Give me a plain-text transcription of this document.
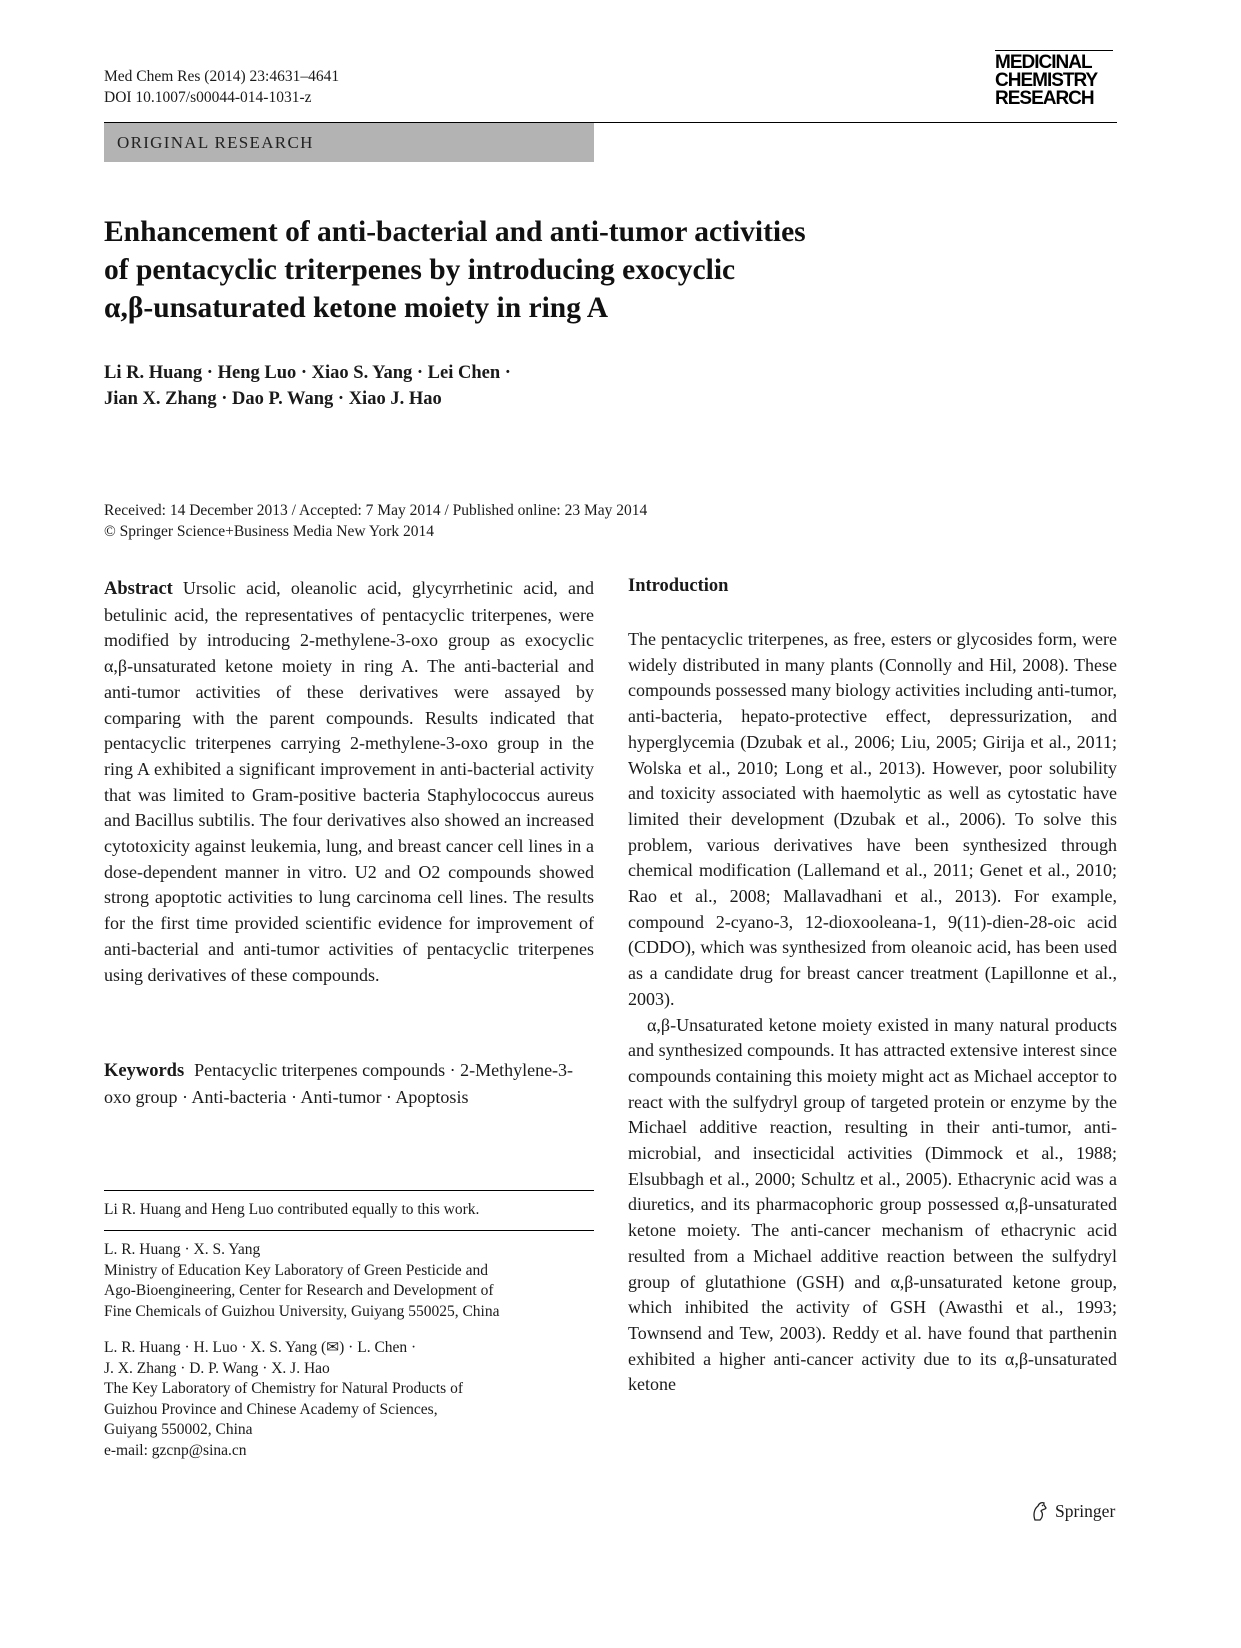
Med Chem Res (2014) 23:4631–4641
DOI 10.1007/s00044-014-1031-z
MEDICINAL
CHEMISTRY
RESEARCH
ORIGINAL RESEARCH
Enhancement of anti-bacterial and anti-tumor activities
of pentacyclic triterpenes by introducing exocyclic
α,β-unsaturated ketone moiety in ring A
Li R. Huang · Heng Luo · Xiao S. Yang · Lei Chen ·
Jian X. Zhang · Dao P. Wang · Xiao J. Hao
Received: 14 December 2013 / Accepted: 7 May 2014 / Published online: 23 May 2014
© Springer Science+Business Media New York 2014

Abstract Ursolic acid, oleanolic acid, glycyrrhetinic acid, and betulinic acid, the representatives of pentacyclic triterpenes, were modified by introducing 2-methylene-3-oxo group as exocyclic α,β-unsaturated ketone moiety in ring A. The anti-bacterial and anti-tumor activities of these derivatives were assayed by comparing with the parent compounds. Results indicated that pentacyclic triterpenes carrying 2-methylene-3-oxo group in the ring A exhibited a significant improvement in anti-bacterial activity that was limited to Gram-positive bacteria Staphylococcus aureus and Bacillus subtilis. The four derivatives also showed an increased cytotoxicity against leukemia, lung, and breast cancer cell lines in a dose-dependent manner in vitro. U2 and O2 compounds showed strong apoptotic activities to lung carcinoma cell lines. The results for the first time provided scientific evidence for improvement of anti-bacterial and anti-tumor activities of pentacyclic triterpenes using derivatives of these compounds.

Keywords Pentacyclic triterpenes compounds · 2-Methylene-3-oxo group · Anti-bacteria · Anti-tumor · Apoptosis

Li R. Huang and Heng Luo contributed equally to this work.
L. R. Huang · X. S. Yang
Ministry of Education Key Laboratory of Green Pesticide and
Ago-Bioengineering, Center for Research and Development of
Fine Chemicals of Guizhou University, Guiyang 550025, China
L. R. Huang · H. Luo · X. S. Yang (✉) · L. Chen ·
J. X. Zhang · D. P. Wang · X. J. Hao
The Key Laboratory of Chemistry for Natural Products of
Guizhou Province and Chinese Academy of Sciences,
Guiyang 550002, China
e-mail: gzcnp@sina.cn
Introduction

The pentacyclic triterpenes, as free, esters or glycosides form, were widely distributed in many plants (Connolly and Hil, 2008). These compounds possessed many biology activities including anti-tumor, anti-bacteria, hepato-protective effect, depressurization, and hyperglycemia (Dzubak et al., 2006; Liu, 2005; Girija et al., 2011; Wolska et al., 2010; Long et al., 2013). However, poor solubility and toxicity associated with haemolytic as well as cytostatic have limited their development (Dzubak et al., 2006). To solve this problem, various derivatives have been synthesized through chemical modification (Lallemand et al., 2011; Genet et al., 2010; Rao et al., 2008; Mallavadhani et al., 2013). For example, compound 2-cyano-3, 12-dioxooleana-1, 9(11)-dien-28-oic acid (CDDO), which was synthesized from oleanoic acid, has been used as a candidate drug for breast cancer treatment (Lapillonne et al., 2003).

α,β-Unsaturated ketone moiety existed in many natural products and synthesized compounds. It has attracted extensive interest since compounds containing this moiety might act as Michael acceptor to react with the sulfydryl group of targeted protein or enzyme by the Michael additive reaction, resulting in their anti-tumor, anti-microbial, and insecticidal activities (Dimmock et al., 1988; Elsubbagh et al., 2000; Schultz et al., 2005). Ethacrynic acid was a diuretics, and its pharmacophoric group possessed α,β-unsaturated ketone moiety. The anti-cancer mechanism of ethacrynic acid resulted from a Michael additive reaction between the sulfydryl group of glutathione (GSH) and α,β-unsaturated ketone group, which inhibited the activity of GSH (Awasthi et al., 1993; Townsend and Tew, 2003). Reddy et al. have found that parthenin exhibited a higher anti-cancer activity due to its α,β-unsaturated ketone

Springer
